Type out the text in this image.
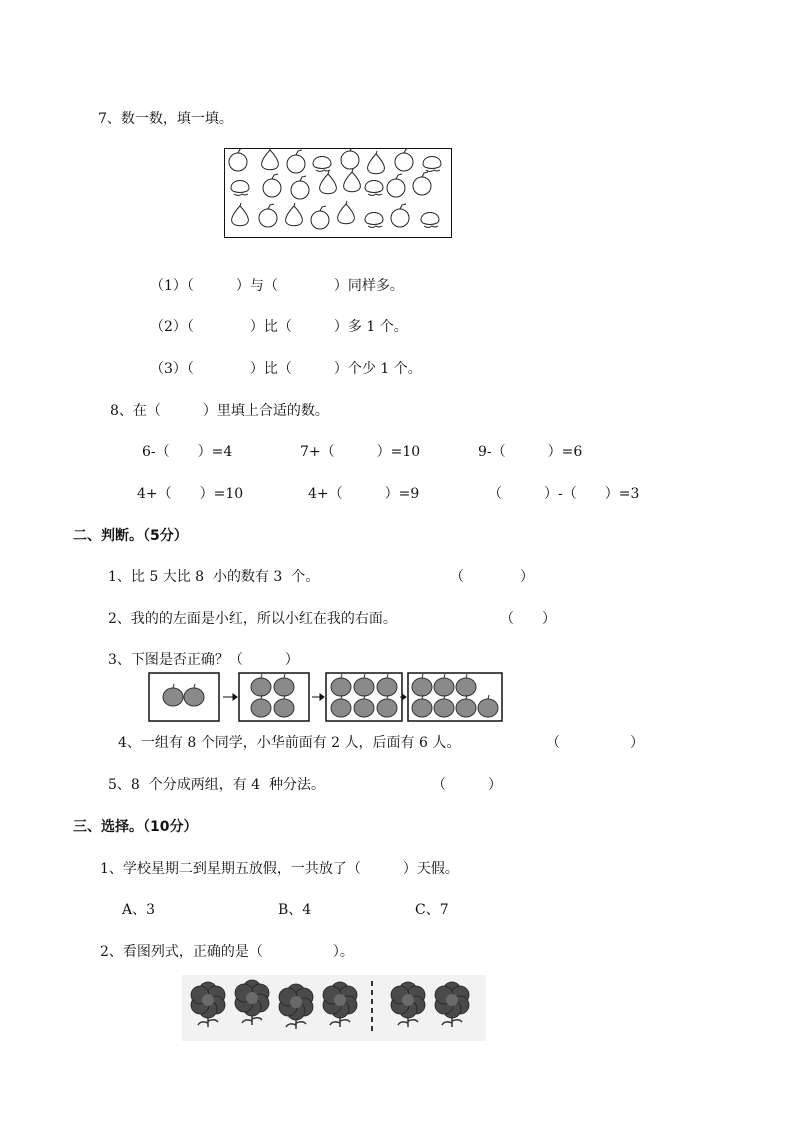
7、数一数，填一填。
（1）（　　　）与（　　　　）同样多。
（2）（　　　　）比（　　　）多 1 个。
（3）（　　　　）比（　　　）个少 1 个。
8、在（　　　）里填上合适的数。
6-（　　）=4	7+（　　　）=10	9-（　　　）=6
4+（　　）=10	4+（　　　）=9	（　　　）-（　　）=3
二、判断。（5分）
1、比 5 大比 8  小的数有 3  个。	（　　　　）
2、我的的左面是小红，所以小红在我的右面。	（　　）
3、下图是否正确？（　　　）
4、一组有 8 个同学，小华前面有 2 人，后面有 6 人。	（　　　　　）
5、8  个分成两组，有 4  种分法。	（　　　）
三、选择。（10分）
1、学校星期二到星期五放假，一共放了（　　　）天假。
A、3	B、4	C、7
2、看图列式，正确的是（　　　　　）。
